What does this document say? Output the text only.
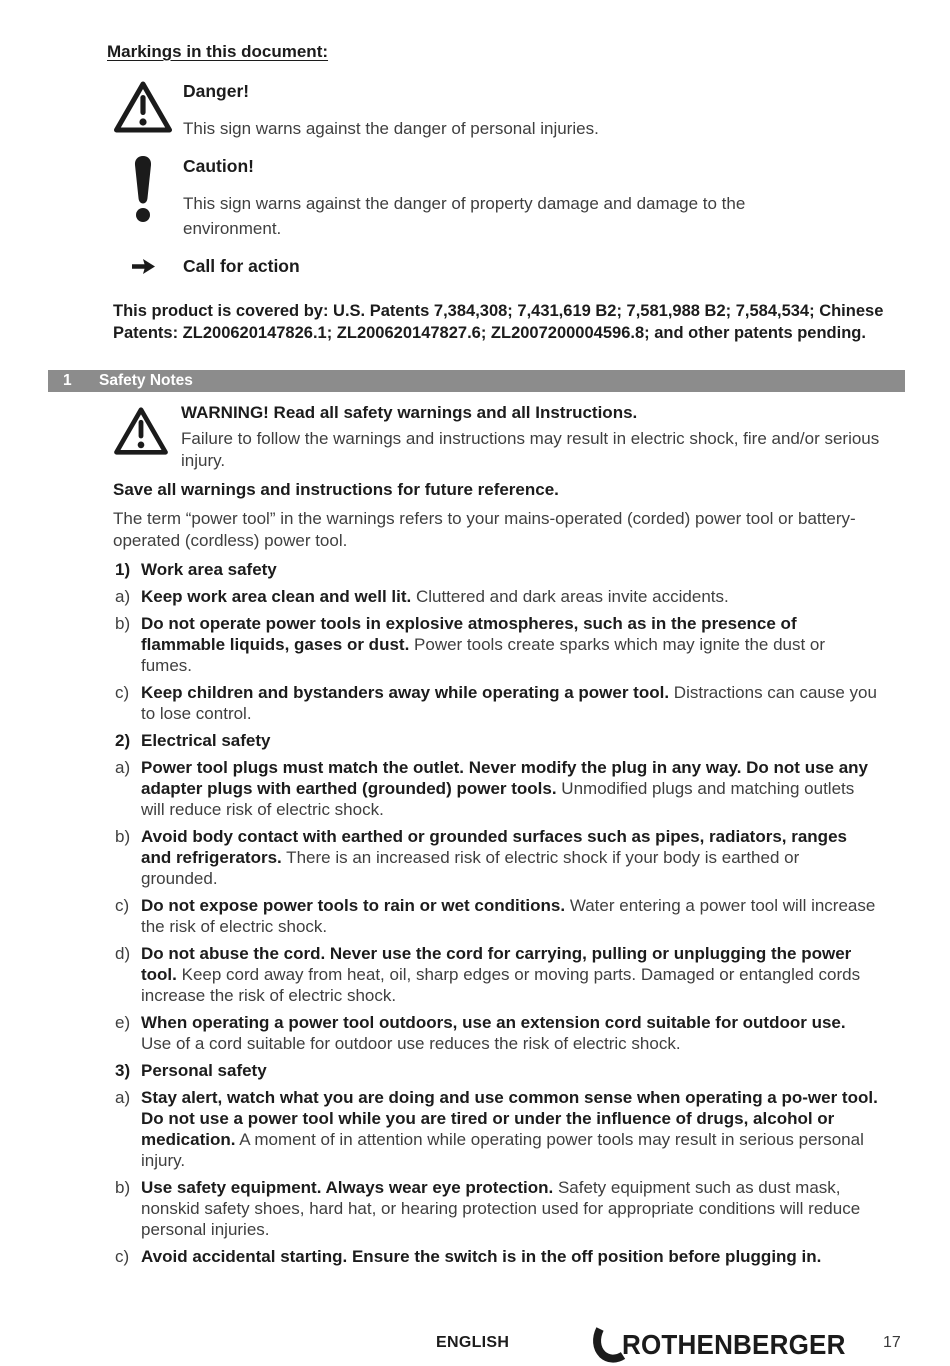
Markings in this document:

Danger!

This sign warns against the danger of personal injuries.

Caution!

This sign warns against the danger of property damage and damage to the environment.

Call for action

This product is covered by: U.S. Patents 7,384,308; 7,431,619 B2; 7,581,988 B2; 7,584,534; Chinese Patents: ZL200620147826.1; ZL200620147827.6; ZL2007200004596.8; and other patents pending.

1	Safety Notes

WARNING! Read all safety warnings and all Instructions.

Failure to follow the warnings and instructions may result in electric shock, fire and/or serious injury.

Save all warnings and instructions for future reference.

The term “power tool” in the warnings refers to your mains-operated (corded) power tool or battery-operated (cordless) power tool.

1) Work area safety
a) Keep work area clean and well lit. Cluttered and dark areas invite accidents.

b) Do not operate power tools in explosive atmospheres, such as in the presence of flammable liquids, gases or dust. Power tools create sparks which may ignite the dust or fumes.

c) Keep children and bystanders away while operating a power tool. Distractions can cause you to lose control.

2) Electrical safety
a) Power tool plugs must match the outlet. Never modify the plug in any way. Do not use any adapter plugs with earthed (grounded) power tools. Unmodified plugs and matching outlets will reduce risk of electric shock.

b) Avoid body contact with earthed or grounded surfaces such as pipes, radiators, ranges and refrigerators. There is an increased risk of electric shock if your body is earthed or grounded.

c) Do not expose power tools to rain or wet conditions. Water entering a power tool will increase the risk of electric shock.

d) Do not abuse the cord. Never use the cord for carrying, pulling or unplugging the power tool. Keep cord away from heat, oil, sharp edges or moving parts. Damaged or entangled cords increase the risk of electric shock.

e) When operating a power tool outdoors, use an extension cord suitable for outdoor use. Use of a cord suitable for outdoor use reduces the risk of electric shock.

3) Personal safety
a) Stay alert, watch what you are doing and use common sense when operating a po-wer tool. Do not use a power tool while you are tired or under the influence of drugs, alcohol or medication. A moment of in attention while operating power tools may result in serious personal injury.

b) Use safety equipment. Always wear eye protection. Safety equipment such as dust mask, nonskid safety shoes, hard hat, or hearing protection used for appropriate conditions will reduce personal injuries.

c) Avoid accidental starting. Ensure the switch is in the off position before plugging in.

ENGLISH	ROTHENBERGER 17
